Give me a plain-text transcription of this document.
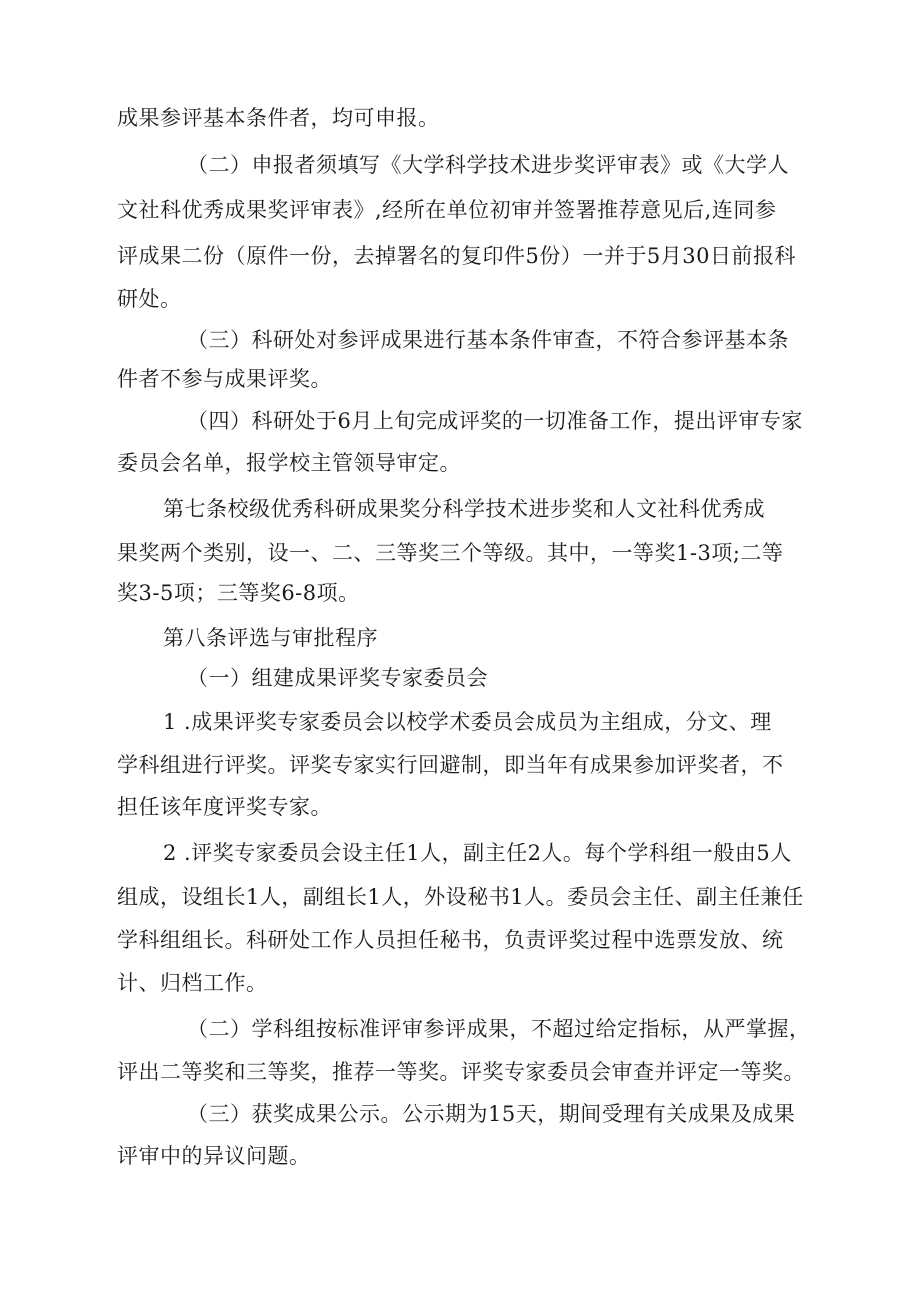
成果参评基本条件者，均可申报。
（二）申报者须填写《大学科学技术进步奖评审表》或《大学人
文社科优秀成果奖评审表》,经所在单位初审并签署推荐意见后,连同参
评成果二份（原件一份，去掉署名的复印件5份）一并于5月30日前报科
研处。
（三）科研处对参评成果进行基本条件审查，不符合参评基本条
件者不参与成果评奖。
（四）科研处于6月上旬完成评奖的一切准备工作，提出评审专家
委员会名单，报学校主管领导审定。
第七条校级优秀科研成果奖分科学技术进步奖和人文社科优秀成
果奖两个类别，设一、二、三等奖三个等级。其中，一等奖1-3项;二等
奖3-5项；三等奖6-8项。
第八条评选与审批程序
（一）组建成果评奖专家委员会
1 .成果评奖专家委员会以校学术委员会成员为主组成，分文、理
学科组进行评奖。评奖专家实行回避制，即当年有成果参加评奖者，不
担任该年度评奖专家。
2 .评奖专家委员会设主任1人，副主任2人。每个学科组一般由5人
组成，设组长1人，副组长1人，外设秘书1人。委员会主任、副主任兼任
学科组组长。科研处工作人员担任秘书，负责评奖过程中选票发放、统
计、归档工作。
（二）学科组按标准评审参评成果，不超过给定指标，从严掌握，
评出二等奖和三等奖，推荐一等奖。评奖专家委员会审查并评定一等奖。
（三）获奖成果公示。公示期为15天，期间受理有关成果及成果
评审中的异议问题。
